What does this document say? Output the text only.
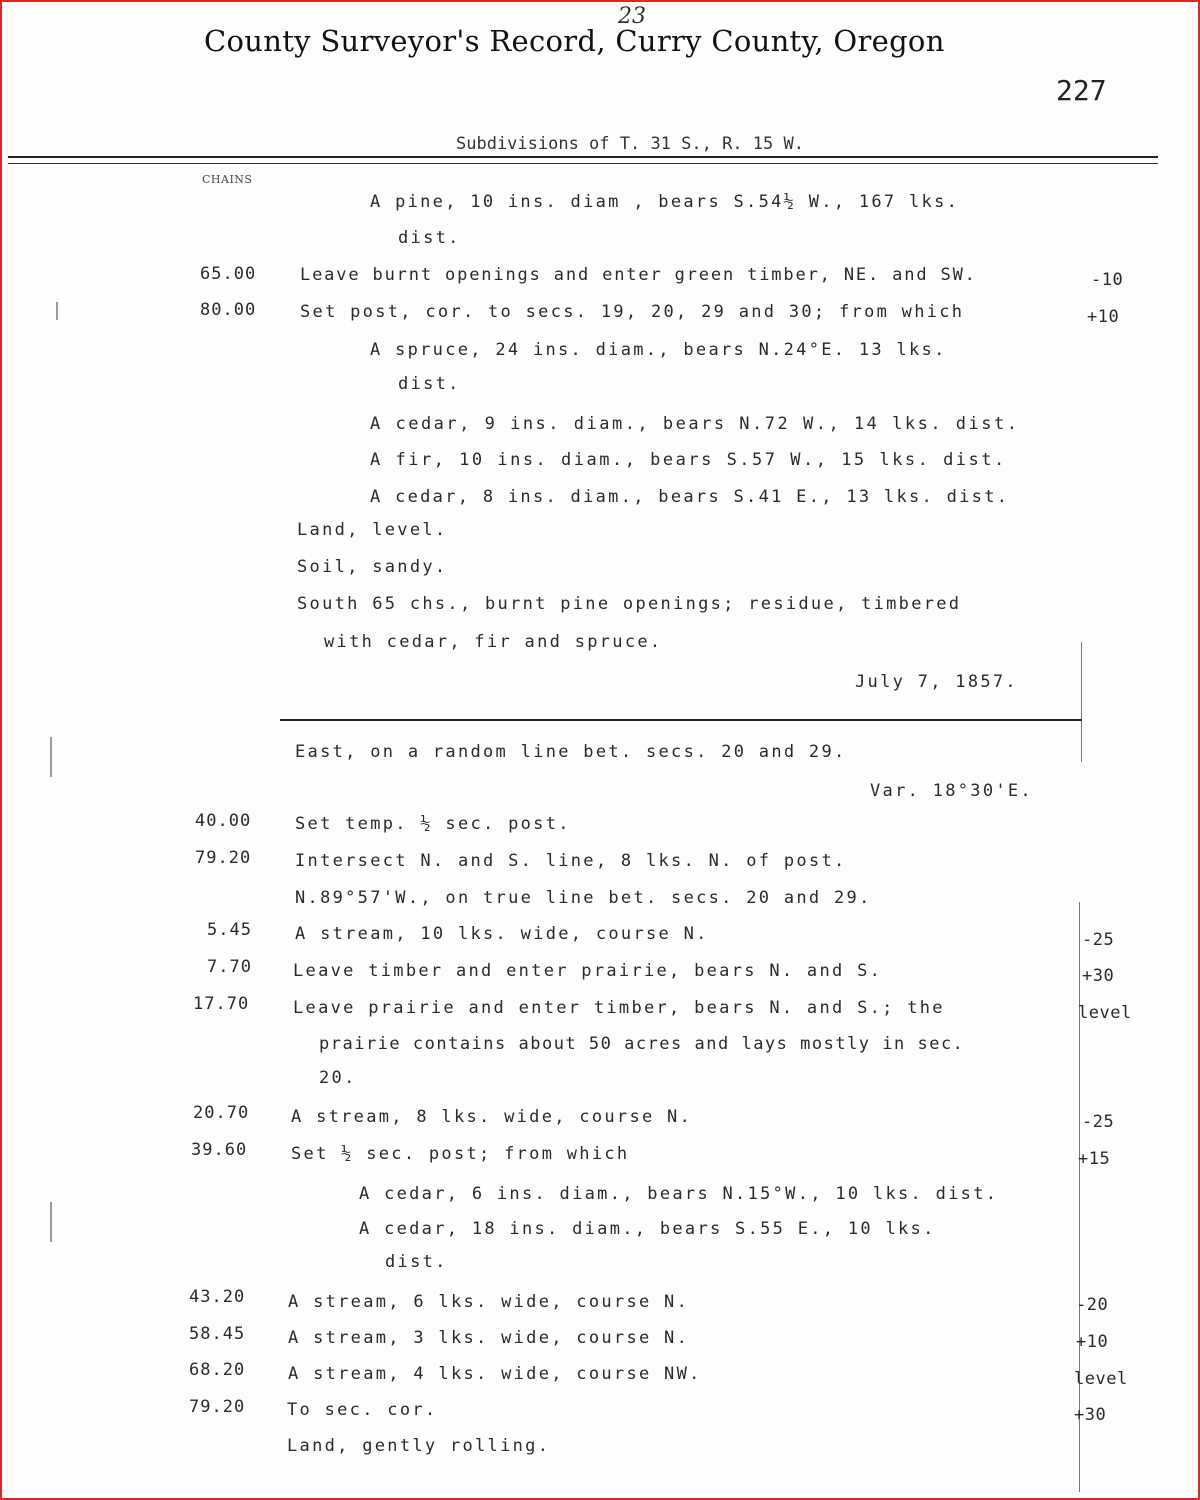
County Surveyor's Record, Curry County, Oregon
23
227
Subdivisions of T. 31 S., R. 15 W.
CHAINS
A pine, 10 ins. diam , bears S.54½ W., 167 lks.
dist.
65.00	Leave burnt openings and enter green timber, NE. and SW.	-10
80.00	Set post, cor. to secs. 19, 20, 29 and 30; from which	+10
A spruce, 24 ins. diam., bears N.24°E. 13 lks.
dist.
A cedar, 9 ins. diam., bears N.72 W., 14 lks. dist.
A fir, 10 ins. diam., bears S.57 W., 15 lks. dist.
A cedar, 8 ins. diam., bears S.41 E., 13 lks. dist.
Land, level.
Soil, sandy.
South 65 chs., burnt pine openings; residue, timbered
with cedar, fir and spruce.
July 7, 1857.
East, on a random line bet. secs. 20 and 29.
Var. 18°30'E.
40.00	Set temp. ½ sec. post.
79.20	Intersect N. and S. line, 8 lks. N. of post.
N.89°57'W., on true line bet. secs. 20 and 29.
5.45	A stream, 10 lks. wide, course N.	-25
7.70 Leave timber and enter prairie, bears N. and S.	+30
17.70	Leave prairie and enter timber, bears N. and S.; the	level
prairie contains about 50 acres and lays mostly in sec.
20.
20.70 A stream, 8 lks. wide, course N.	-25
39.60	Set ½ sec. post; from which	+15
A cedar, 6 ins. diam., bears N.15°W., 10 lks. dist.
A cedar, 18 ins. diam., bears S.55 E., 10 lks.
dist.
43.20	A stream, 6 lks. wide, course N.	-20
58.45	A stream, 3 lks. wide, course N.	+10
68.20	A stream, 4 lks. wide, course NW.	level
79.20 To sec. cor.	+30
Land, gently rolling.
